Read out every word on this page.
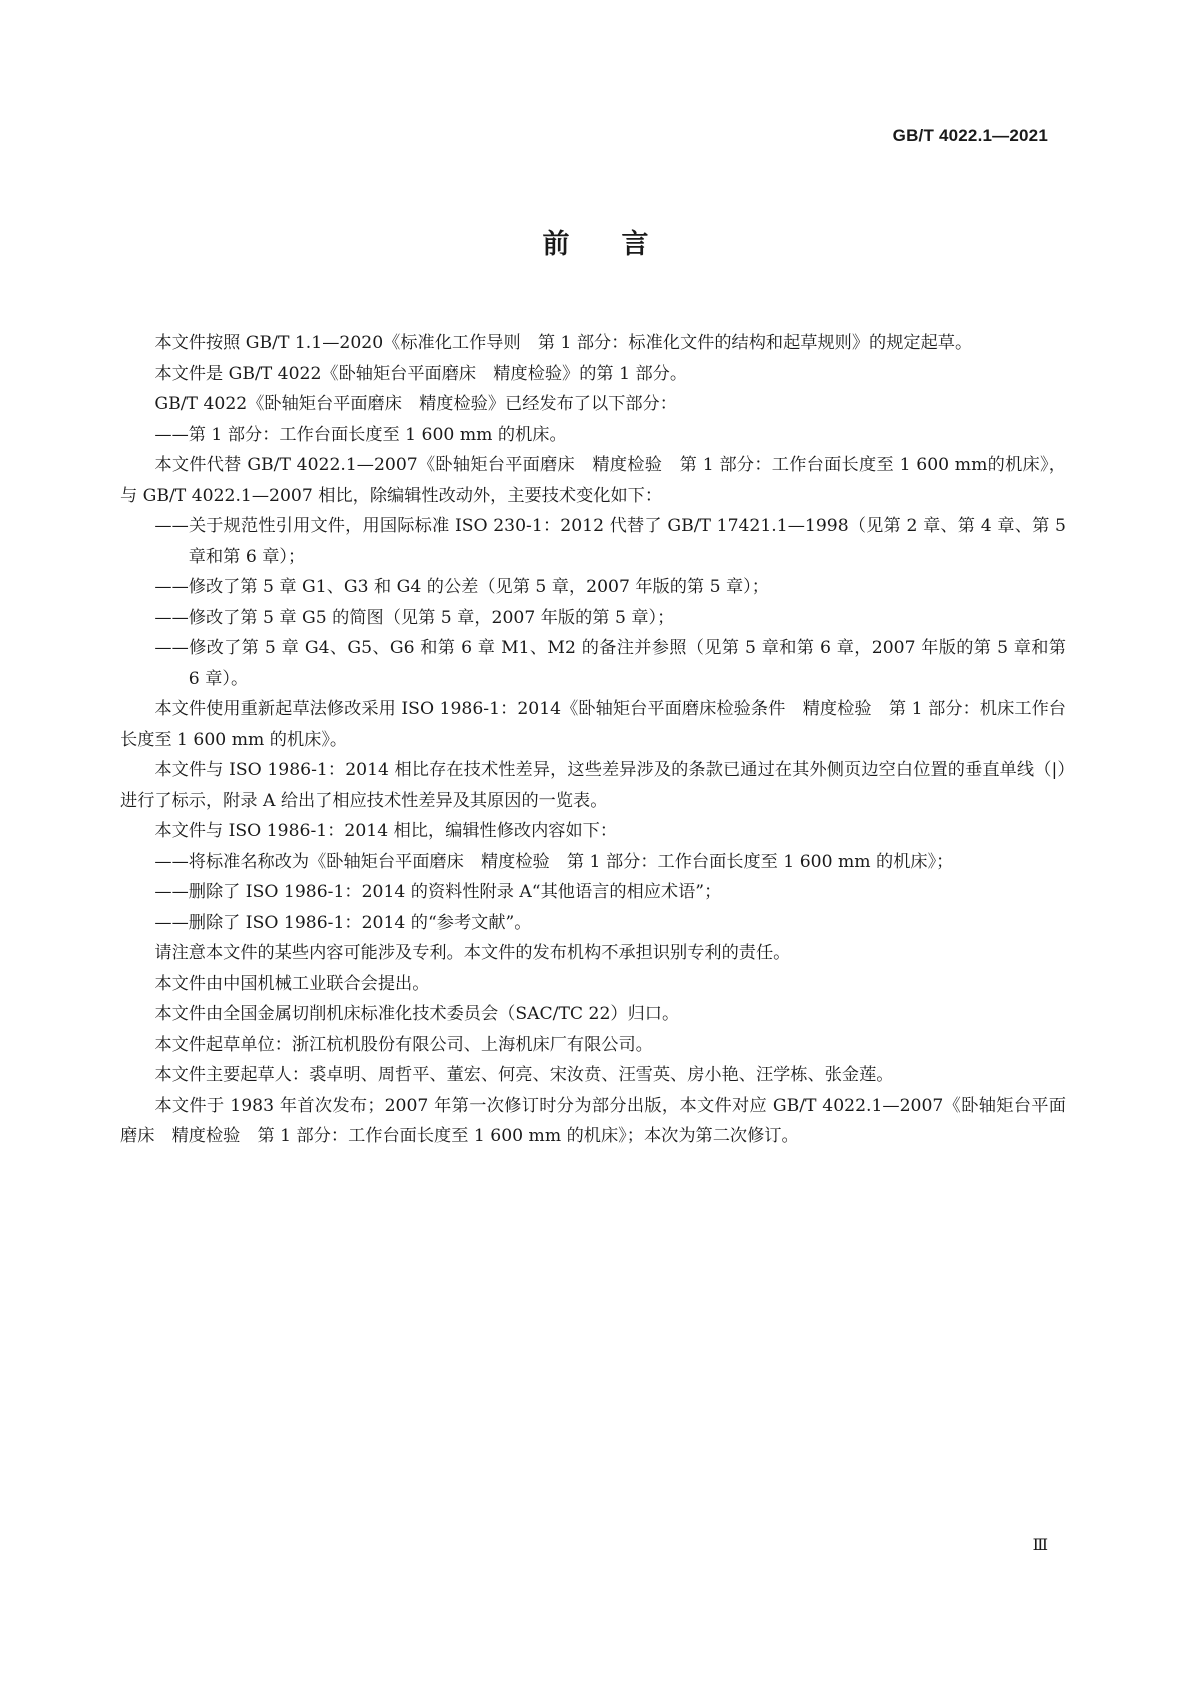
GB/T 4022.1—2021
前 言

本文件按照 GB/T 1.1—2020《标准化工作导则　第 1 部分：标准化文件的结构和起草规则》的规定起草。

本文件是 GB/T 4022《卧轴矩台平面磨床　精度检验》的第 1 部分。

GB/T 4022《卧轴矩台平面磨床　精度检验》已经发布了以下部分：

——第 1 部分：工作台面长度至 1 600 mm 的机床。

本文件代替 GB/T 4022.1—2007《卧轴矩台平面磨床　精度检验　第 1 部分：工作台面长度至 1 600 mm的机床》，与 GB/T 4022.1—2007 相比，除编辑性改动外，主要技术变化如下：

——关于规范性引用文件，用国际标准 ISO 230-1：2012 代替了 GB/T 17421.1—1998（见第 2 章、第 4 章、第 5 章和第 6 章）；

——修改了第 5 章 G1、G3 和 G4 的公差（见第 5 章，2007 年版的第 5 章）；

——修改了第 5 章 G5 的简图（见第 5 章，2007 年版的第 5 章）；

——修改了第 5 章 G4、G5、G6 和第 6 章 M1、M2 的备注并参照（见第 5 章和第 6 章，2007 年版的第 5 章和第 6 章）。

本文件使用重新起草法修改采用 ISO 1986-1：2014《卧轴矩台平面磨床检验条件　精度检验　第 1 部分：机床工作台长度至 1 600 mm 的机床》。

本文件与 ISO 1986-1：2014 相比存在技术性差异，这些差异涉及的条款已通过在其外侧页边空白位置的垂直单线（|）进行了标示，附录 A 给出了相应技术性差异及其原因的一览表。

本文件与 ISO 1986-1：2014 相比，编辑性修改内容如下：

——将标准名称改为《卧轴矩台平面磨床　精度检验　第 1 部分：工作台面长度至 1 600 mm 的机床》；

——删除了 ISO 1986-1：2014 的资料性附录 A“其他语言的相应术语”；

——删除了 ISO 1986-1：2014 的“参考文献”。

请注意本文件的某些内容可能涉及专利。本文件的发布机构不承担识别专利的责任。

本文件由中国机械工业联合会提出。

本文件由全国金属切削机床标准化技术委员会（SAC/TC 22）归口。

本文件起草单位：浙江杭机股份有限公司、上海机床厂有限公司。

本文件主要起草人：裘卓明、周哲平、董宏、何亮、宋汝贲、汪雪英、房小艳、汪学栋、张金莲。

本文件于 1983 年首次发布；2007 年第一次修订时分为部分出版，本文件对应 GB/T 4022.1—2007《卧轴矩台平面磨床　精度检验　第 1 部分：工作台面长度至 1 600 mm 的机床》；本次为第二次修订。

Ⅲ
